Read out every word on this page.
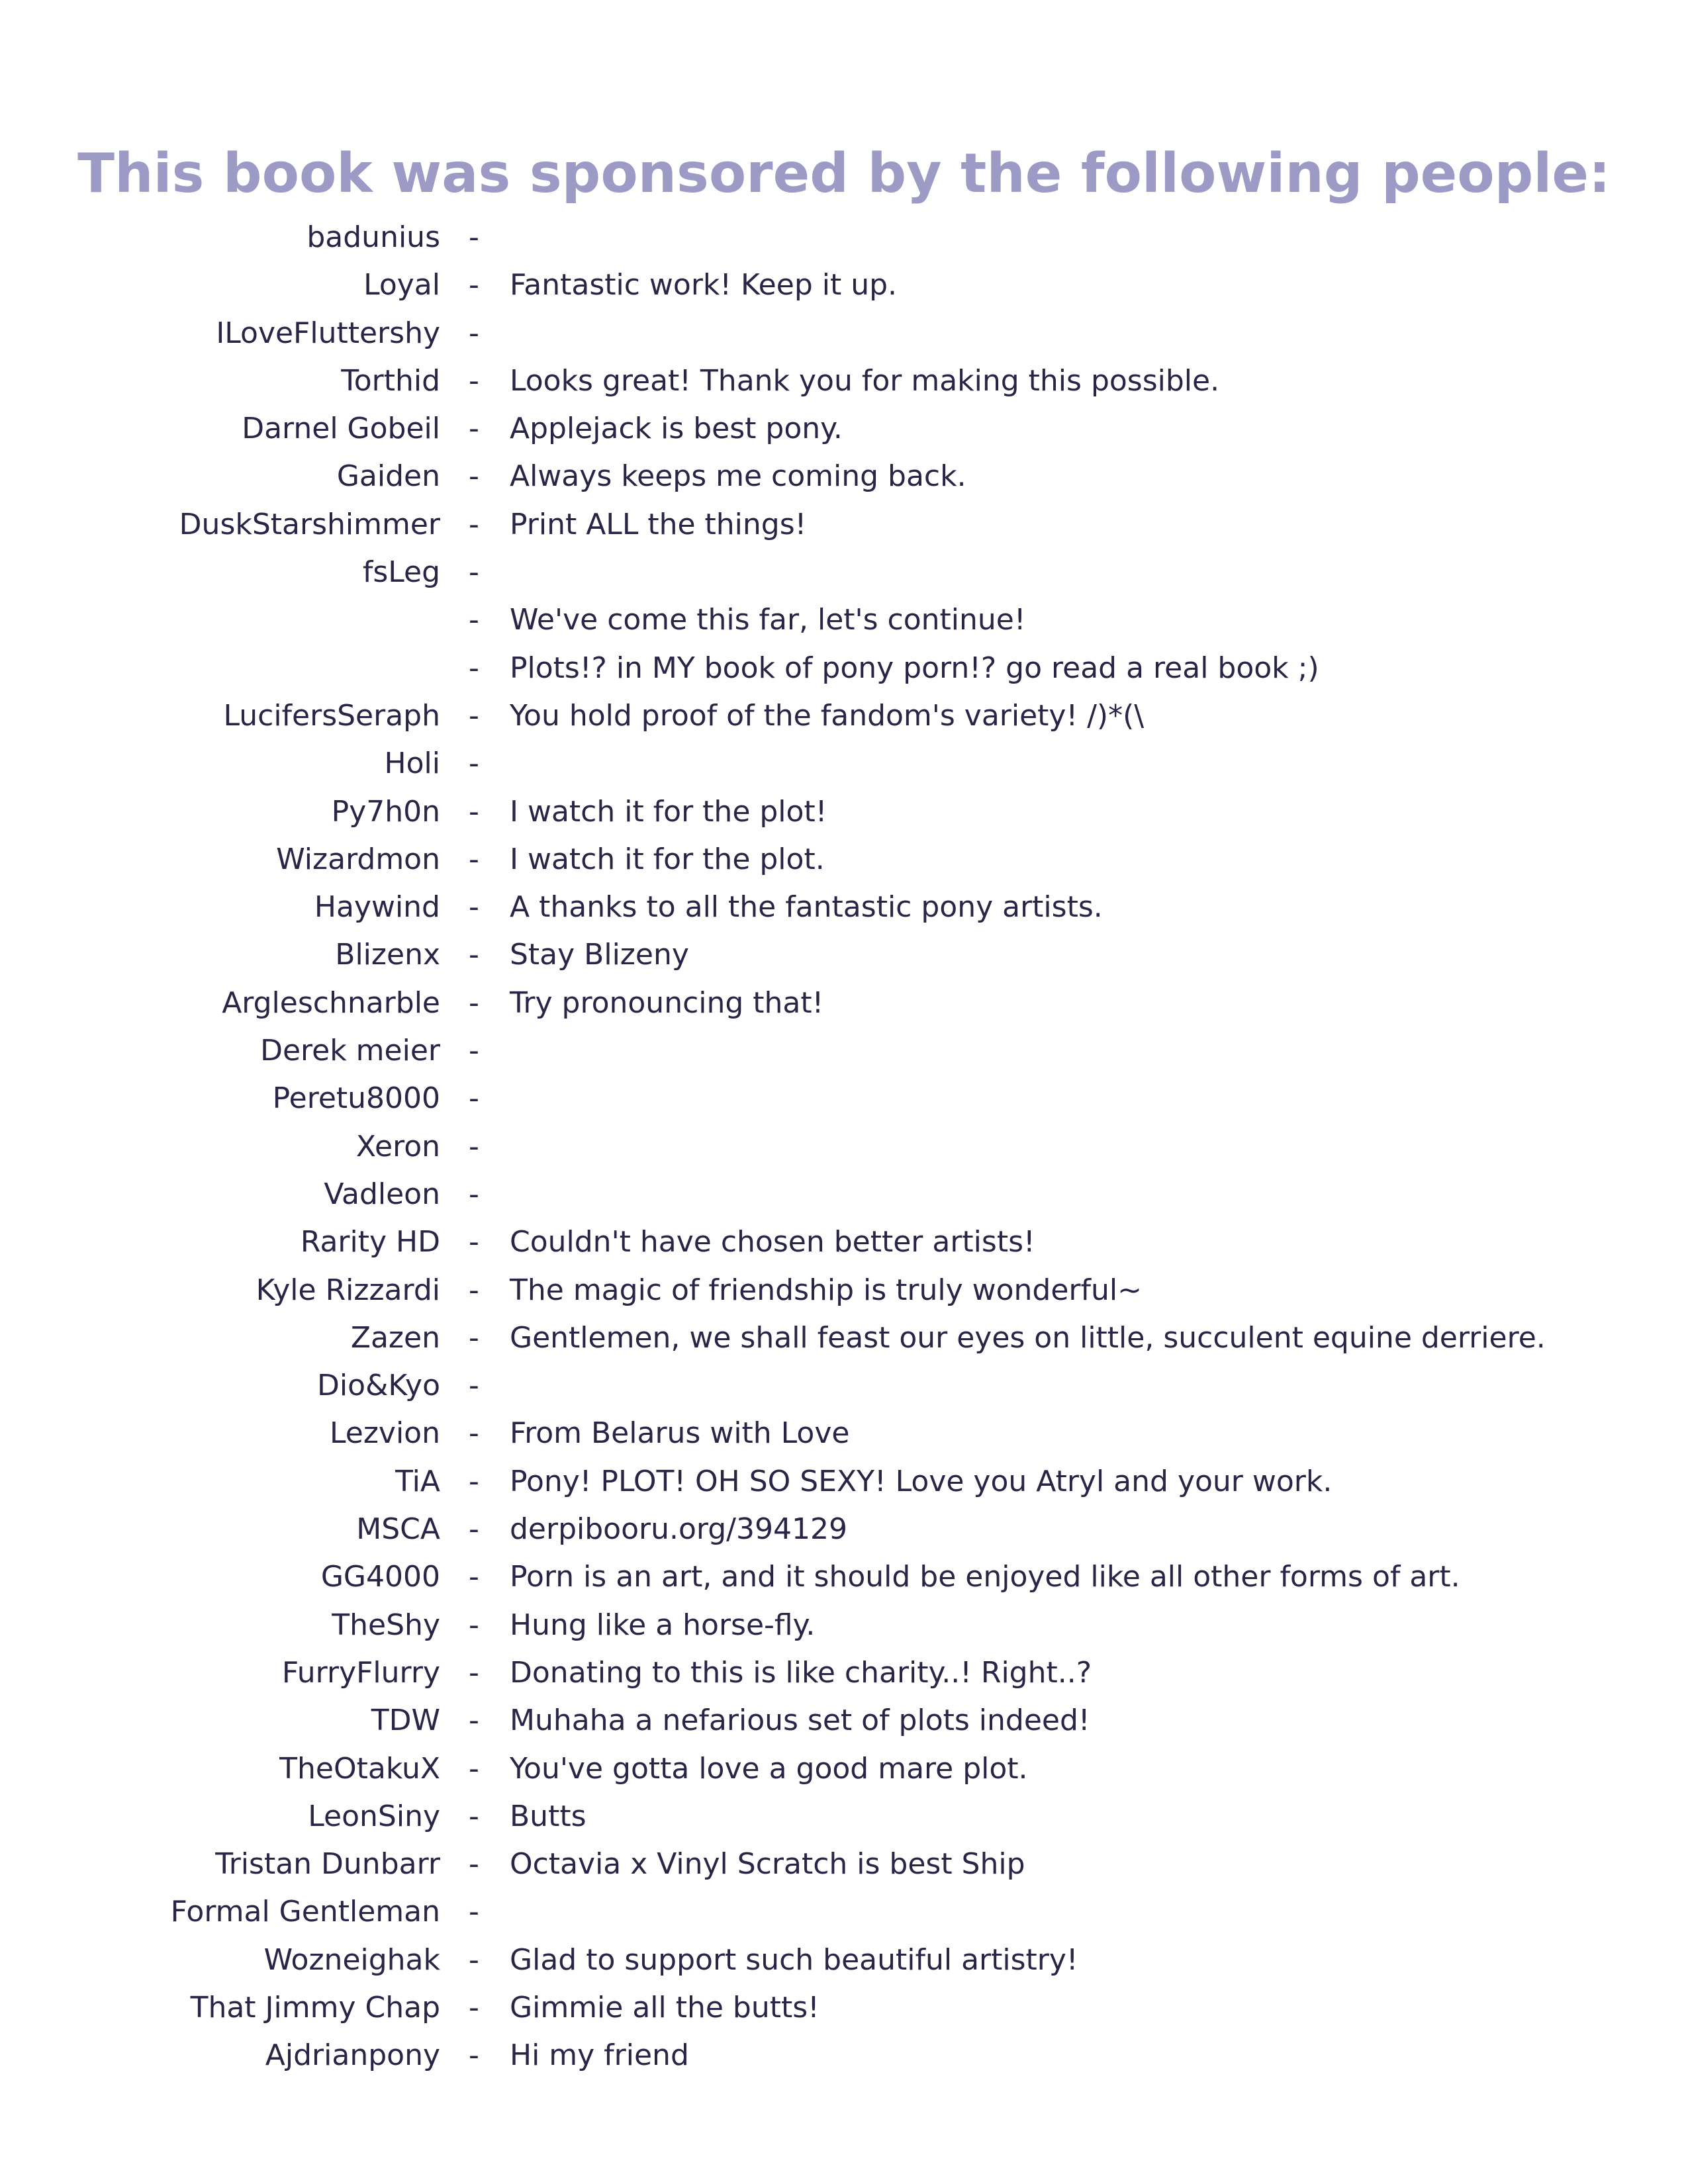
This book was sponsored by the following people:
badunius -
Loyal - Fantastic work! Keep it up.
ILoveFluttershy -
Torthid - Looks great! Thank you for making this possible.
Darnel Gobeil - Applejack is best pony.
Gaiden - Always keeps me coming back.
DuskStarshimmer - Print ALL the things!
fsLeg -
- We've come this far, let's continue!
- Plots!? in MY book of pony porn!? go read a real book ;)
LucifersSeraph - You hold proof of the fandom's variety! /)*(\
Holi -
Py7h0n - I watch it for the plot!
Wizardmon - I watch it for the plot.
Haywind - A thanks to all the fantastic pony artists.
Blizenx - Stay Blizeny
Argleschnarble - Try pronouncing that!
Derek meier -
Peretu8000 -
Xeron -
Vadleon -
Rarity HD - Couldn't have chosen better artists!
Kyle Rizzardi - The magic of friendship is truly wonderful~
Zazen - Gentlemen, we shall feast our eyes on little, succulent equine derriere.
Dio&Kyo -
Lezvion - From Belarus with Love
TiA - Pony! PLOT! OH SO SEXY! Love you Atryl and your work.
MSCA - derpibooru.org/394129
GG4000 - Porn is an art, and it should be enjoyed like all other forms of art.
TheShy - Hung like a horse-fly.
FurryFlurry - Donating to this is like charity..! Right..?
TDW - Muhaha a nefarious set of plots indeed!
TheOtakuX - You've gotta love a good mare plot.
LeonSiny - Butts
Tristan Dunbarr - Octavia x Vinyl Scratch is best Ship
Formal Gentleman -
Wozneighak - Glad to support such beautiful artistry!
That Jimmy Chap - Gimmie all the butts!
Ajdrianpony - Hi my friend
